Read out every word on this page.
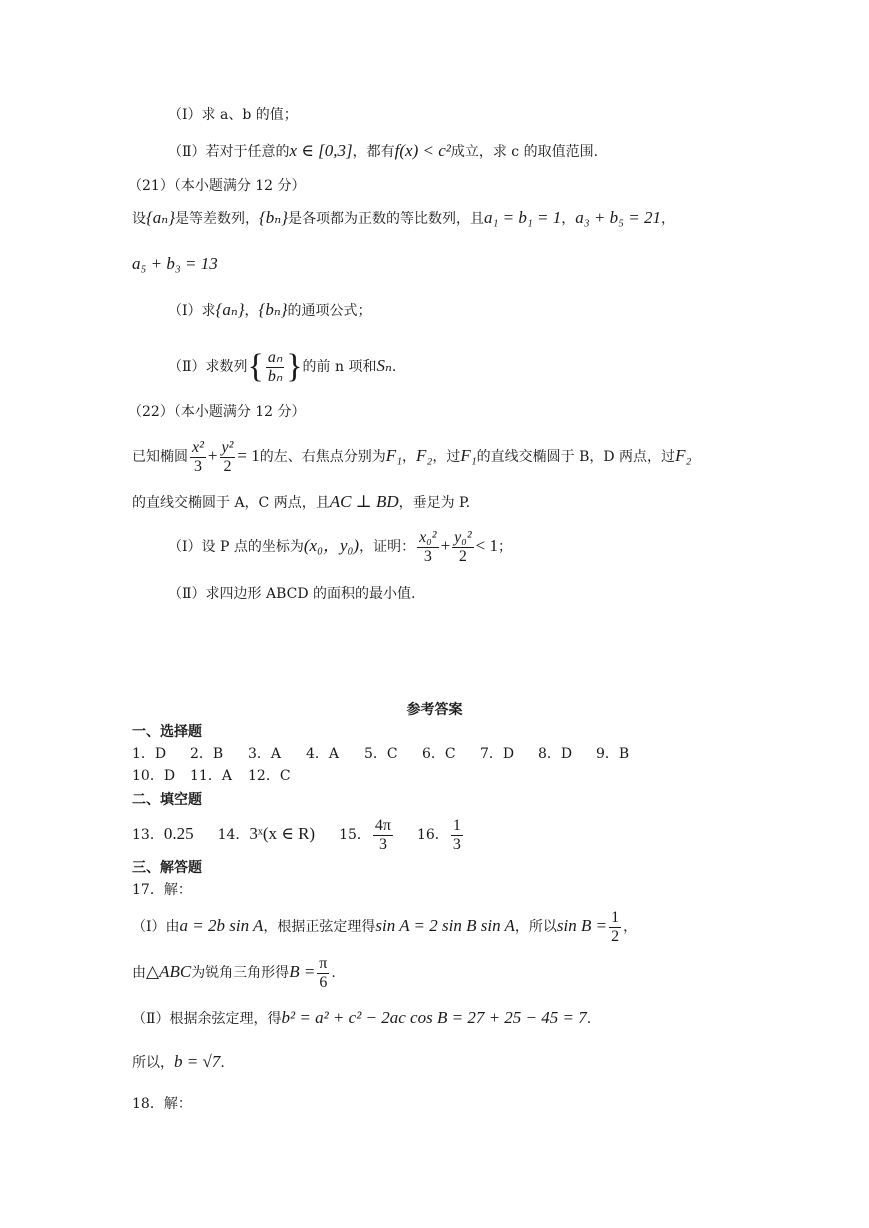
（Ⅰ）求 a、b 的值；
（Ⅱ）若对于任意的x ∈ [0,3]，都有f(x) < c²成立，求 c 的取值范围.
（21）（本小题满分 12 分）
设{aₙ}是等差数列，{bₙ}是各项都为正数的等比数列，且a₁ = b₁ = 1，a₃ + b₅ = 21，
a₅ + b₃ = 13
（Ⅰ）求{aₙ}，{bₙ}的通项公式；
（Ⅱ）求数列{ $\frac{\text{aₙ}}{\text{bₙ}}$ }的前 n 项和Sₙ.
（22）（本小题满分 12 分）
已知椭圆 $\frac{\text{x²}}{3} + \frac{\text{y²}}{2} = 1$的左、右焦点分别为F₁，F₂，过F₁的直线交椭圆于 B，D 两点，过F₂
的直线交椭圆于 A，C 两点，且AC ⊥ BD，垂足为 P.
（Ⅰ）设 P 点的坐标为(x₀，y₀)，证明： $\frac{\text{x₀²}}{3} + \frac{\text{y₀²}}{2} < 1$；
（Ⅱ）求四边形 ABCD 的面积的最小值.
参考答案
一、选择题
1．D 2．B 3．A 4．A 5．C 6．C 7．D 8．D 9．B
10．D 11．A 12．C
二、填空题
13．0.25 14．3ˣ(x ∈ R) 15． $\frac{4\pi}{3} 16$． $\frac{1}{3}$
三、解答题
17．解：
（Ⅰ）由a = 2b sin A，根据正弦定理得sin A = 2 sin B sin A，所以$\sin B = \frac{1}{2}$ ，
由△ABC为锐角三角形得$B = \frac{\pi}{6}$ .
（Ⅱ）根据余弦定理，得b² = a² + c² − 2ac cos B = 27 + 25 − 45 = 7.
所以，b = √7.
18．解：
